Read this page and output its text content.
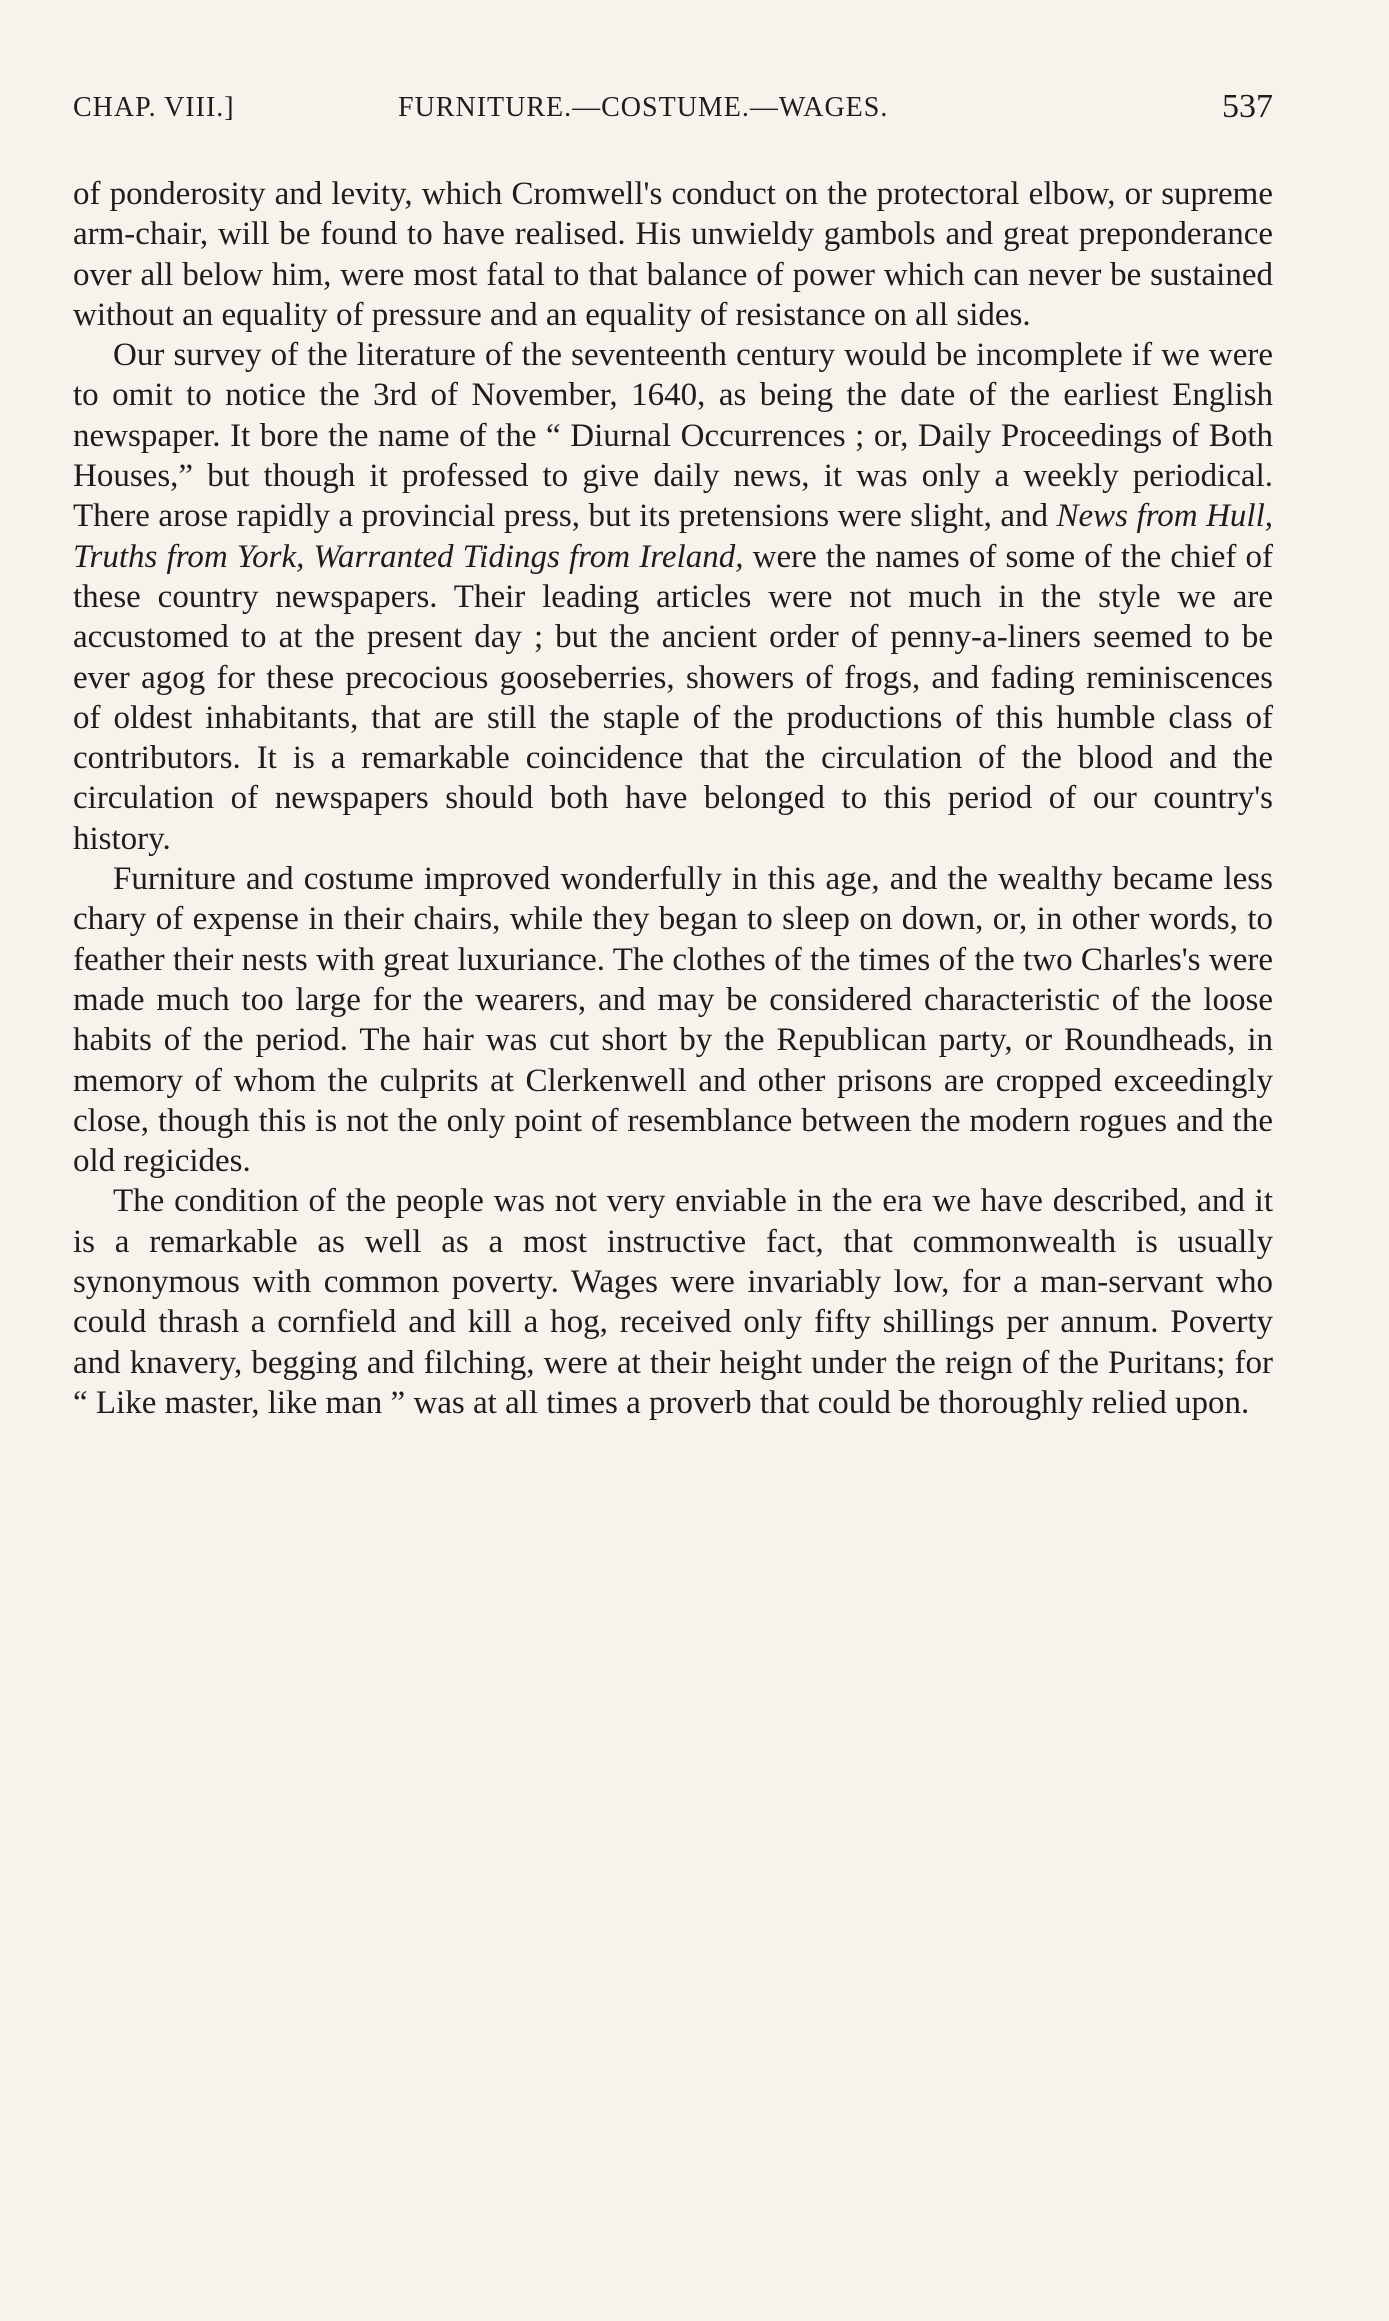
CHAP. VIII.]	FURNITURE.—COSTUME.—WAGES.	537

of ponderosity and levity, which Cromwell's conduct on the protectoral elbow, or supreme arm-chair, will be found to have realised. His unwieldy gambols and great preponderance over all below him, were most fatal to that balance of power which can never be sustained without an equality of pressure and an equality of resistance on all sides.

Our survey of the literature of the seventeenth century would be incomplete if we were to omit to notice the 3rd of November, 1640, as being the date of the earliest English newspaper. It bore the name of the “ Diurnal Occurrences ; or, Daily Proceedings of Both Houses,” but though it professed to give daily news, it was only a weekly periodical. There arose rapidly a provincial press, but its pretensions were slight, and News from Hull, Truths from York, Warranted Tidings from Ireland, were the names of some of the chief of these country newspapers. Their leading articles were not much in the style we are accustomed to at the present day ; but the ancient order of penny-a-liners seemed to be ever agog for these precocious gooseberries, showers of frogs, and fading reminiscences of oldest inhabitants, that are still the staple of the productions of this humble class of contributors. It is a remarkable coincidence that the circulation of the blood and the circulation of newspapers should both have belonged to this period of our country's history.

Furniture and costume improved wonderfully in this age, and the wealthy became less chary of expense in their chairs, while they began to sleep on down, or, in other words, to feather their nests with great luxuriance. The clothes of the times of the two Charles's were made much too large for the wearers, and may be considered characteristic of the loose habits of the period. The hair was cut short by the Republican party, or Roundheads, in memory of whom the culprits at Clerkenwell and other prisons are cropped exceedingly close, though this is not the only point of resemblance between the modern rogues and the old regicides.

The condition of the people was not very enviable in the era we have described, and it is a remarkable as well as a most instructive fact, that commonwealth is usually synonymous with common poverty. Wages were invariably low, for a man-servant who could thrash a cornfield and kill a hog, received only fifty shillings per annum. Poverty and knavery, begging and filching, were at their height under the reign of the Puritans; for “ Like master, like man ” was at all times a proverb that could be thoroughly relied upon.
